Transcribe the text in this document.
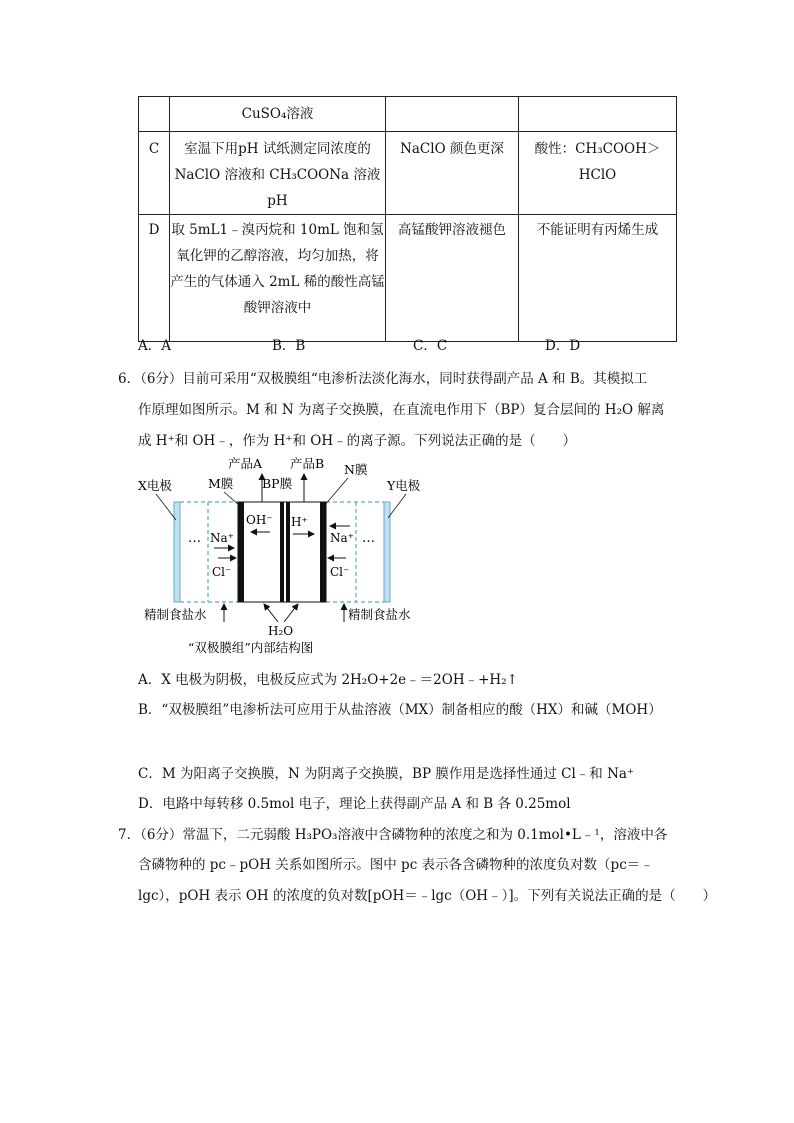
	CuSO₄溶液		
C	室温下用pH 试纸测定同浓度的
NaClO 溶液和 CH₃COONa 溶液 pH	NaClO 颜色更深	酸性：CH₃COOH＞HClO
D	取 5mL1﹣溴丙烷和 10mL 饱和氢
氧化钾的乙醇溶液，均匀加热，将
产生的气体通入 2mL 稀的酸性高锰
酸钾溶液中	高锰酸钾溶液褪色	不能证明有丙烯生成
A．A	B．B	C．C	D．D
6．（6分）目前可采用“双极膜组“电渗析法淡化海水，同时获得副产品 A 和 B。其模拟工
作原理如图所示。M 和 N 为离子交换膜，在直流电作用下（BP）复合层间的 H₂O 解离
成 H⁺和 OH﹣，作为 H⁺和 OH﹣的离子源。下列说法正确的是（　　）
X电极	Y电极
M膜
产品A 产品B
BP膜
N膜
OH⁻ H⁺
… Na⁺
Cl⁻
Na⁺
Cl⁻
…
精制食盐水	精制食盐水
H₂O
“双极膜组”内部结构图
A．X 电极为阴极，电极反应式为 2H₂O+2e﹣＝2OH﹣+H₂↑
B．“双极膜组”电渗析法可应用于从盐溶液（MX）制备相应的酸（HX）和碱（MOH）
C．M 为阳离子交换膜，N 为阴离子交换膜，BP 膜作用是选择性通过 Cl﹣和 Na⁺
D．电路中每转移 0.5mol 电子，理论上获得副产品 A 和 B 各 0.25mol
7．（6分）常温下，二元弱酸 H₃PO₃溶液中含磷物种的浓度之和为 0.1mol•L﹣¹，溶液中各
含磷物种的 pc﹣pOH 关系如图所示。图中 pc 表示各含磷物种的浓度负对数（pc＝﹣
lgc），pOH 表示 OH 的浓度的负对数[pOH＝﹣lgc（OH﹣）]。下列有关说法正确的是（　　）
